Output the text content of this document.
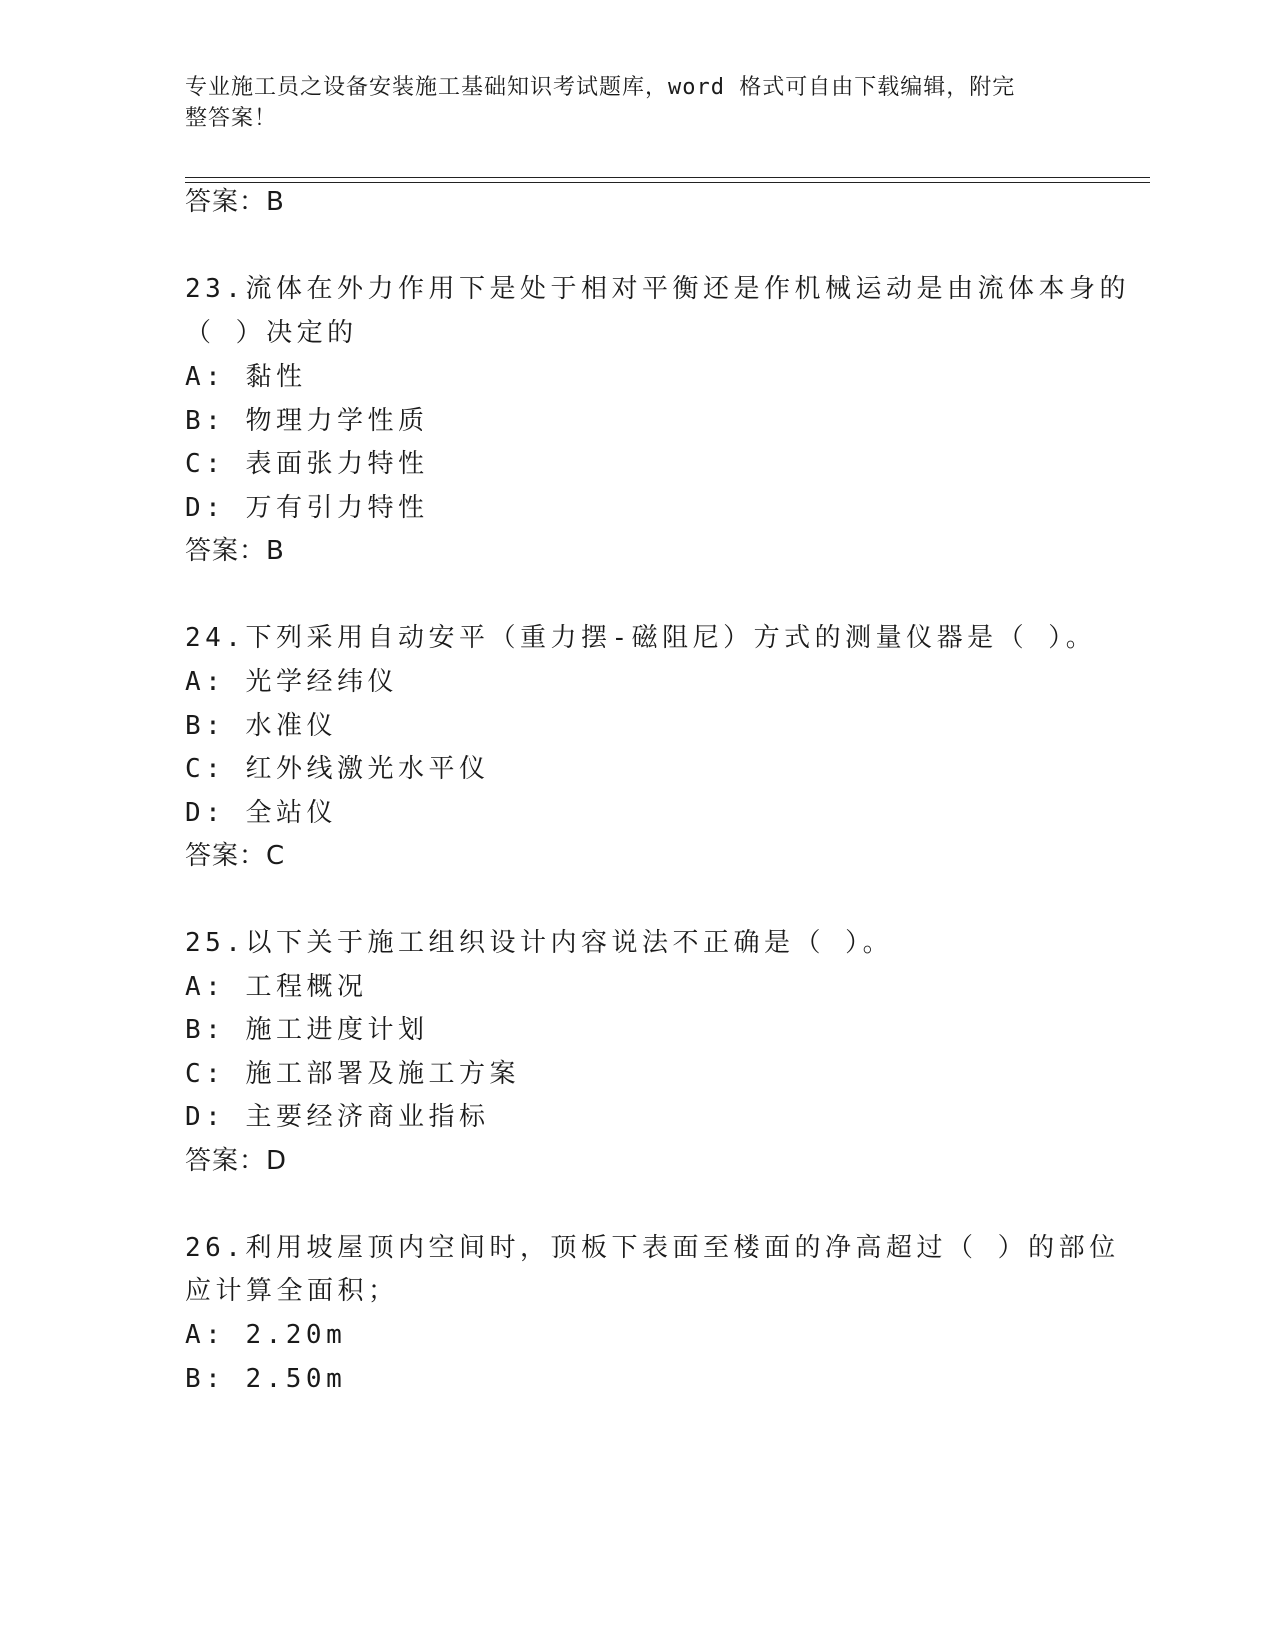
专业施工员之设备安装施工基础知识考试题库，word 格式可自由下载编辑，附完
整答案！
答案：B
23.流体在外力作用下是处于相对平衡还是作机械运动是由流体本身的
（ ）决定的
A: 黏性
B: 物理力学性质
C: 表面张力特性
D: 万有引力特性
答案：B
24.下列采用自动安平（重力摆-磁阻尼）方式的测量仪器是（ ）。
A: 光学经纬仪
B: 水准仪
C: 红外线激光水平仪
D: 全站仪
答案：C
25.以下关于施工组织设计内容说法不正确是（ ）。
A: 工程概况
B: 施工进度计划
C: 施工部署及施工方案
D: 主要经济商业指标
答案：D
26.利用坡屋顶内空间时，顶板下表面至楼面的净高超过（ ）的部位
应计算全面积；
A: 2.20m
B: 2.50m
